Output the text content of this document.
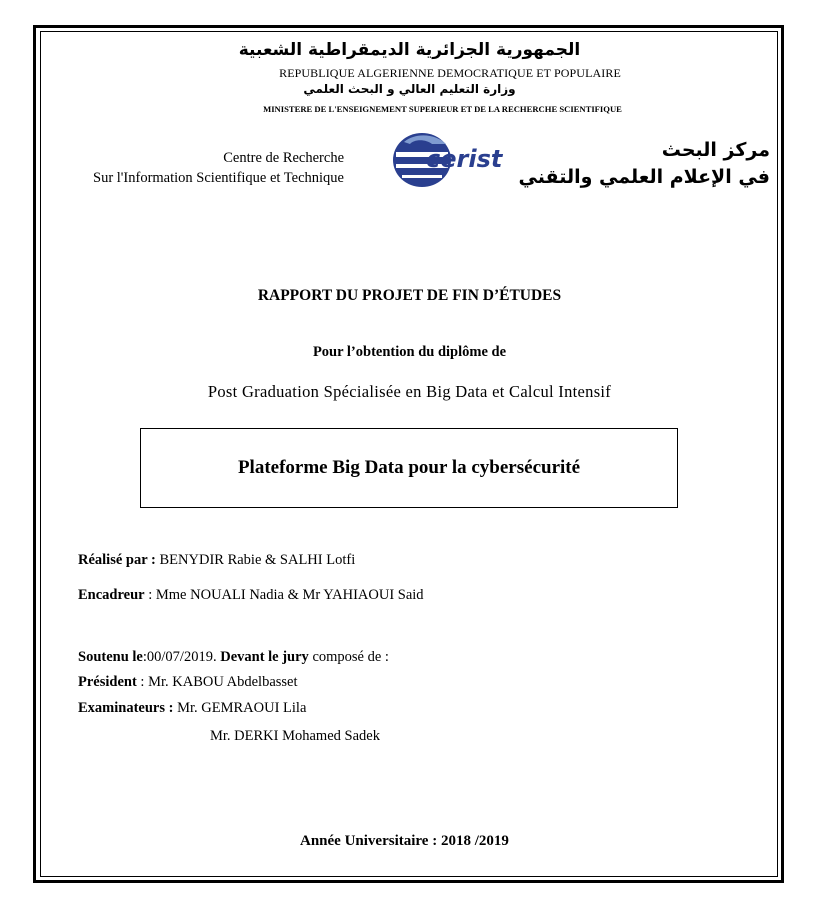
الجمهورية الجزائرية الديمقراطية الشعبية
REPUBLIQUE ALGERIENNE DEMOCRATIQUE ET POPULAIRE
وزارة التعليم العالي و البحث العلمي
MINISTERE DE L'ENSEIGNEMENT SUPERIEUR ET DE LA RECHERCHE SCIENTIFIQUE
Centre de Recherche
Sur l'Information Scientifique et Technique
cerist	مركز البحث
في الإعلام العلمي والتقني
RAPPORT DU PROJET DE FIN D’ÉTUDES
Pour l’obtention du diplôme de
Post Graduation Spécialisée en Big Data et Calcul Intensif
Plateforme Big Data pour la cybersécurité
Réalisé par : BENYDIR Rabie & SALHI Lotfi
Encadreur : Mme NOUALI Nadia & Mr YAHIAOUI Said
Soutenu le:00/07/2019. Devant le jury composé de :
Président : Mr. KABOU Abdelbasset
Examinateurs : Mr. GEMRAOUI Lila
Mr. DERKI Mohamed Sadek
Année Universitaire : 2018 /2019
